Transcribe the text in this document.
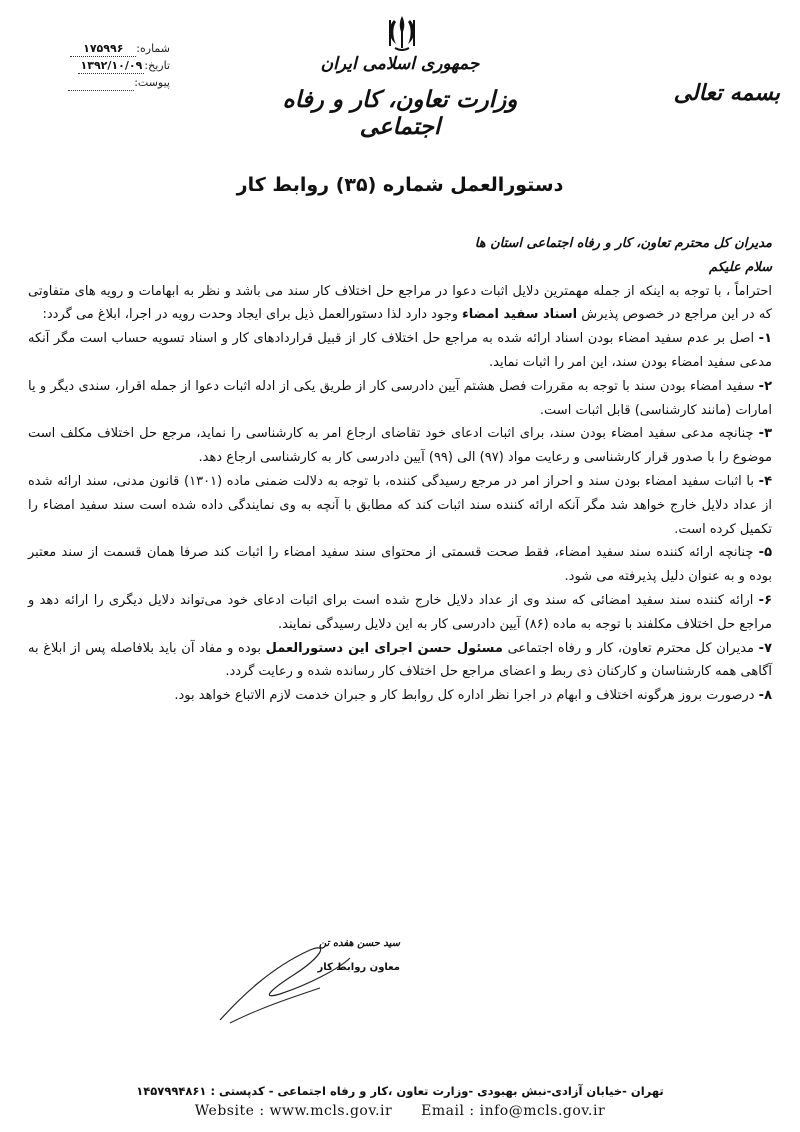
جمهوری اسلامی ایران
وزارت تعاون، کار و رفاه اجتماعی
بسمه تعالی
شماره:
۱۷۵۹۹۶
تاریخ:
۱۳۹۲/۱۰/۰۹
پیوست:
دستورالعمل شماره (۳۵) روابط کار

مدیران کل محترم تعاون، کار و رفاه اجتماعی استان ها

سلام علیکم

احتراماً ، با توجه به اینکه از جمله مهمترین دلایل اثبات دعوا در مراجع حل اختلاف کار سند می باشد و نظر به ابهامات و رویه های متفاوتی که در این مراجع در خصوص پذیرش اسناد سفید امضاء وجود دارد لذا دستورالعمل ذیل برای ایجاد وحدت رویه در اجرا، ابلاغ می گردد:

۱- اصل بر عدم سفید امضاء بودن اسناد ارائه شده به مراجع حل اختلاف کار از قبیل قراردادهای کار و اسناد تسویه حساب است مگر آنکه مدعی سفید امضاء بودن سند، این امر را اثبات نماید.

۲- سفید امضاء بودن سند با توجه به مقررات فصل هشتم آیین دادرسی کار از طریق یکی از ادله اثبات دعوا از جمله اقرار، سندی دیگر و یا امارات (مانند کارشناسی) قابل اثبات است.

۳- چنانچه مدعی سفید امضاء بودن سند، برای اثبات ادعای خود تقاضای ارجاع امر به کارشناسی را نماید، مرجع حل اختلاف مکلف است موضوع را با صدور قرار کارشناسی و رعایت مواد (۹۷) الی (۹۹) آیین دادرسی کار به کارشناسی ارجاع دهد.

۴- با اثبات سفید امضاء بودن سند و احراز امر در مرجع رسیدگی کننده، با توجه به دلالت ضمنی ماده (۱۳۰۱) قانون مدنی، سند ارائه شده از عداد دلایل خارج خواهد شد مگر آنکه ارائه کننده سند اثبات کند که مطابق با آنچه به وی نمایندگی داده شده است سند سفید امضاء را تکمیل کرده است.

۵- چنانچه ارائه کننده سند سفید امضاء، فقط صحت قسمتی از محتوای سند سفید امضاء را اثبات کند صرفا همان قسمت از سند معتبر بوده و به عنوان دلیل پذیرفته می شود.

۶- ارائه کننده سند سفید امضائی که سند وی از عداد دلایل خارج شده است برای اثبات ادعای خود می‌تواند دلایل دیگری را ارائه دهد و مراجع حل اختلاف مکلفند با توجه به ماده (۸۶) آیین دادرسی کار به این دلایل رسیدگی نمایند.

۷- مدیران کل محترم تعاون، کار و رفاه اجتماعی مسئول حسن اجرای این دستورالعمل بوده و مفاد آن باید بلافاصله پس از ابلاغ به آگاهی همه کارشناسان و کارکنان ذی ربط و اعضای مراجع حل اختلاف کار رسانده شده و رعایت گردد.

۸- درصورت بروز هرگونه اختلاف و ابهام در اجرا نظر اداره کل روابط کار و جبران خدمت لازم الاتباع خواهد بود.

سید حسن هفده تن
معاون روابط کار
تهران -خیابان آزادی-نبش بهبودی -وزارت تعاون ،کار و رفاه اجتماعی - کدپستی : ۱۴۵۷۹۹۴۸۶۱
Website : www.mcls.gov.ir Email : info@mcls.gov.ir
